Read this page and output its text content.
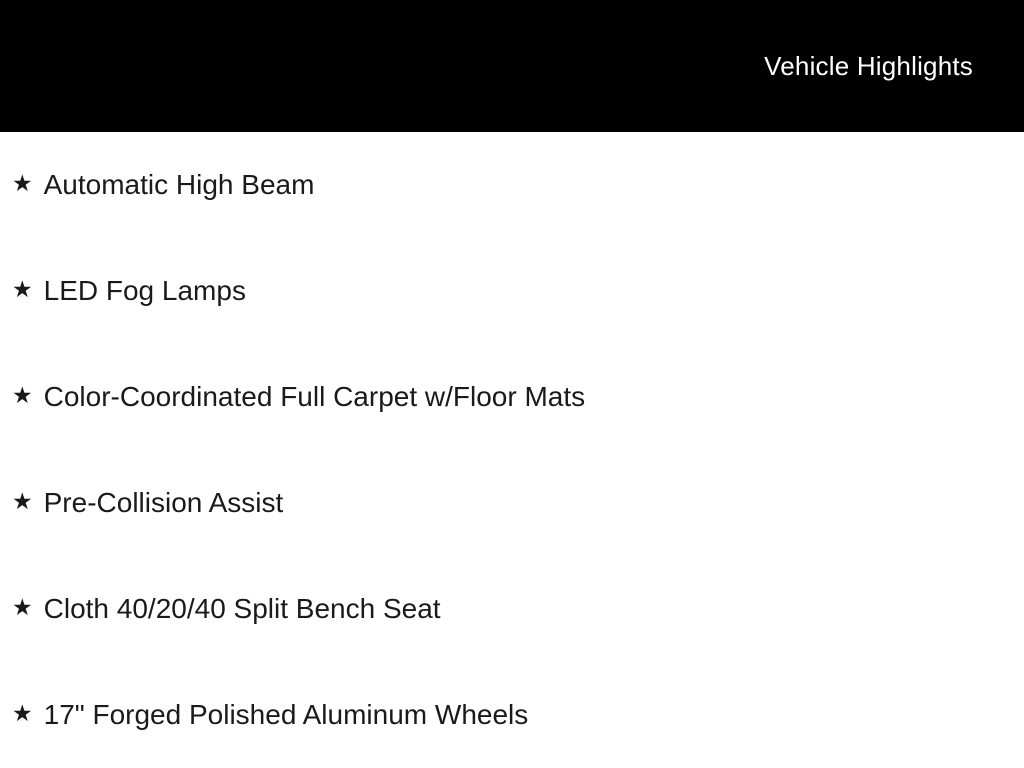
Vehicle Highlights
★ Automatic High Beam
★ LED Fog Lamps
★ Color-Coordinated Full Carpet w/Floor Mats
★ Pre-Collision Assist
★ Cloth 40/20/40 Split Bench Seat
★ 17" Forged Polished Aluminum Wheels
